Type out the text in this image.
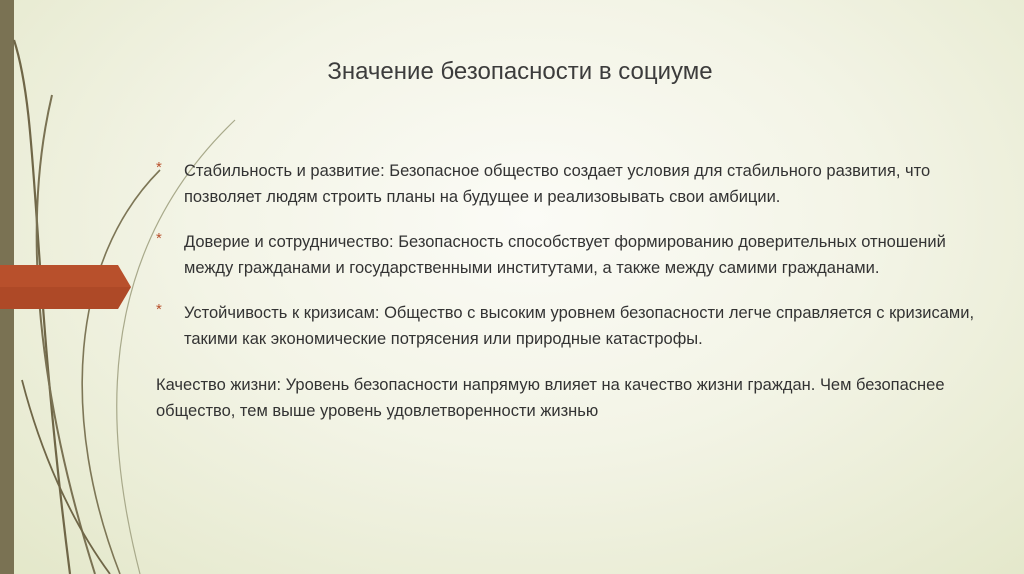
Значение безопасности в социуме
* Стабильность и развитие: Безопасное общество создает условия для стабильного развития, что позволяет людям строить планы на будущее и реализовывать свои амбиции.
* Доверие и сотрудничество: Безопасность способствует формированию доверительных отношений между гражданами и государственными институтами, а также между самими гражданами.
* Устойчивость к кризисам: Общество с высоким уровнем безопасности легче справляется с кризисами, такими как экономические потрясения или природные катастрофы.
Качество жизни: Уровень безопасности напрямую влияет на качество жизни граждан. Чем безопаснее общество, тем выше уровень удовлетворенности жизнью
